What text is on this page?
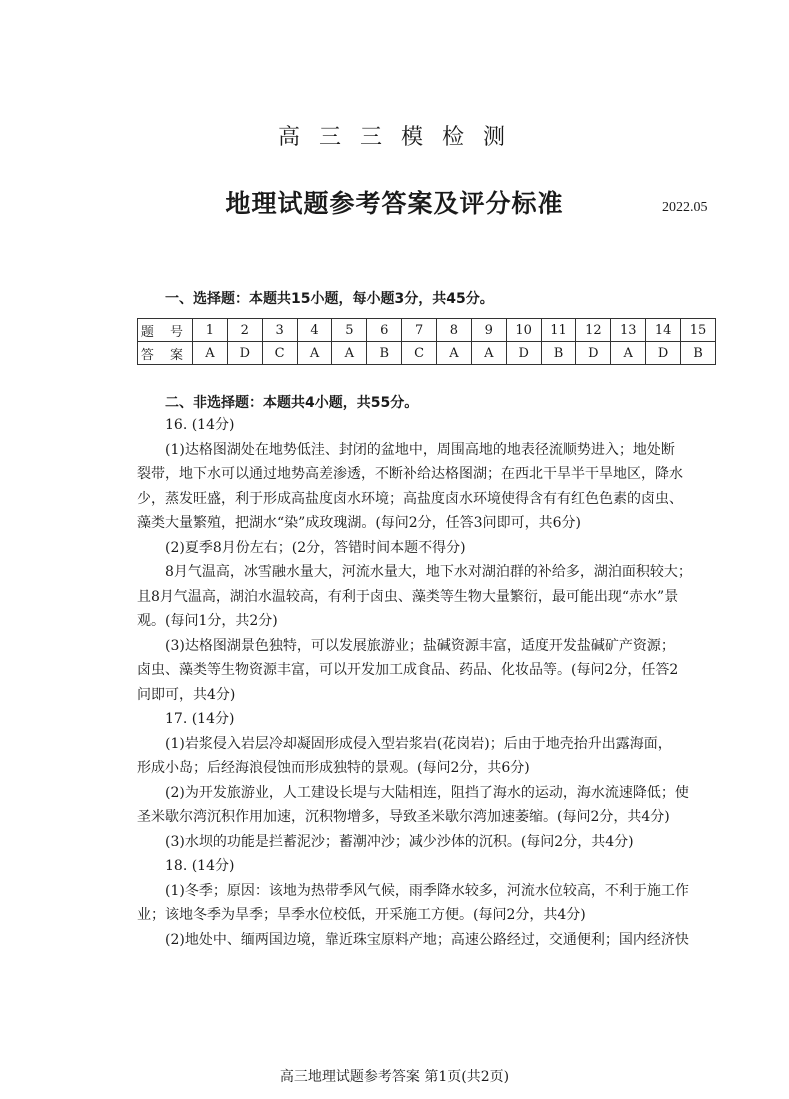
高 三 三 模 检 测
地理试题参考答案及评分标准	2022.05
一、选择题：本题共15小题，每小题3分，共45分。
题 号	1	2	3	4	5	6	7	8	9	10	11	12	13	14	15
答 案	A	D	C	A	A	B	C	A	A	D	B	D	A	D	B
二、非选择题：本题共4小题，共55分。
16. (14分)
(1)达格图湖处在地势低洼、封闭的盆地中，周围高地的地表径流顺势进入；地处断
裂带，地下水可以通过地势高差渗透，不断补给达格图湖；在西北干旱半干旱地区，降水
少，蒸发旺盛，利于形成高盐度卤水环境；高盐度卤水环境使得含有有红色色素的卤虫、
藻类大量繁殖，把湖水“染”成玫瑰湖。(每问2分，任答3问即可，共6分)
(2)夏季8月份左右；(2分，答错时间本题不得分)
8月气温高，冰雪融水量大，河流水量大，地下水对湖泊群的补给多，湖泊面积较大；
且8月气温高，湖泊水温较高，有利于卤虫、藻类等生物大量繁衍，最可能出现“赤水”景
观。(每问1分，共2分)
(3)达格图湖景色独特，可以发展旅游业；盐碱资源丰富，适度开发盐碱矿产资源；
卤虫、藻类等生物资源丰富，可以开发加工成食品、药品、化妆品等。(每问2分，任答2
问即可，共4分)
17. (14分)
(1)岩浆侵入岩层冷却凝固形成侵入型岩浆岩(花岗岩)；后由于地壳抬升出露海面，
形成小岛；后经海浪侵蚀而形成独特的景观。(每问2分，共6分)
(2)为开发旅游业，人工建设长堤与大陆相连，阻挡了海水的运动，海水流速降低；使
圣米歇尔湾沉积作用加速，沉积物增多，导致圣米歇尔湾加速萎缩。(每问2分，共4分)
(3)水坝的功能是拦蓄泥沙；蓄潮冲沙；减少沙体的沉积。(每问2分，共4分)
18. (14分)
(1)冬季；原因：该地为热带季风气候，雨季降水较多，河流水位较高，不利于施工作
业；该地冬季为旱季；旱季水位校低，开采施工方便。(每问2分，共4分)
(2)地处中、缅两国边境，靠近珠宝原料产地；高速公路经过，交通便利；国内经济快
高三地理试题参考答案 第1页(共2页)
